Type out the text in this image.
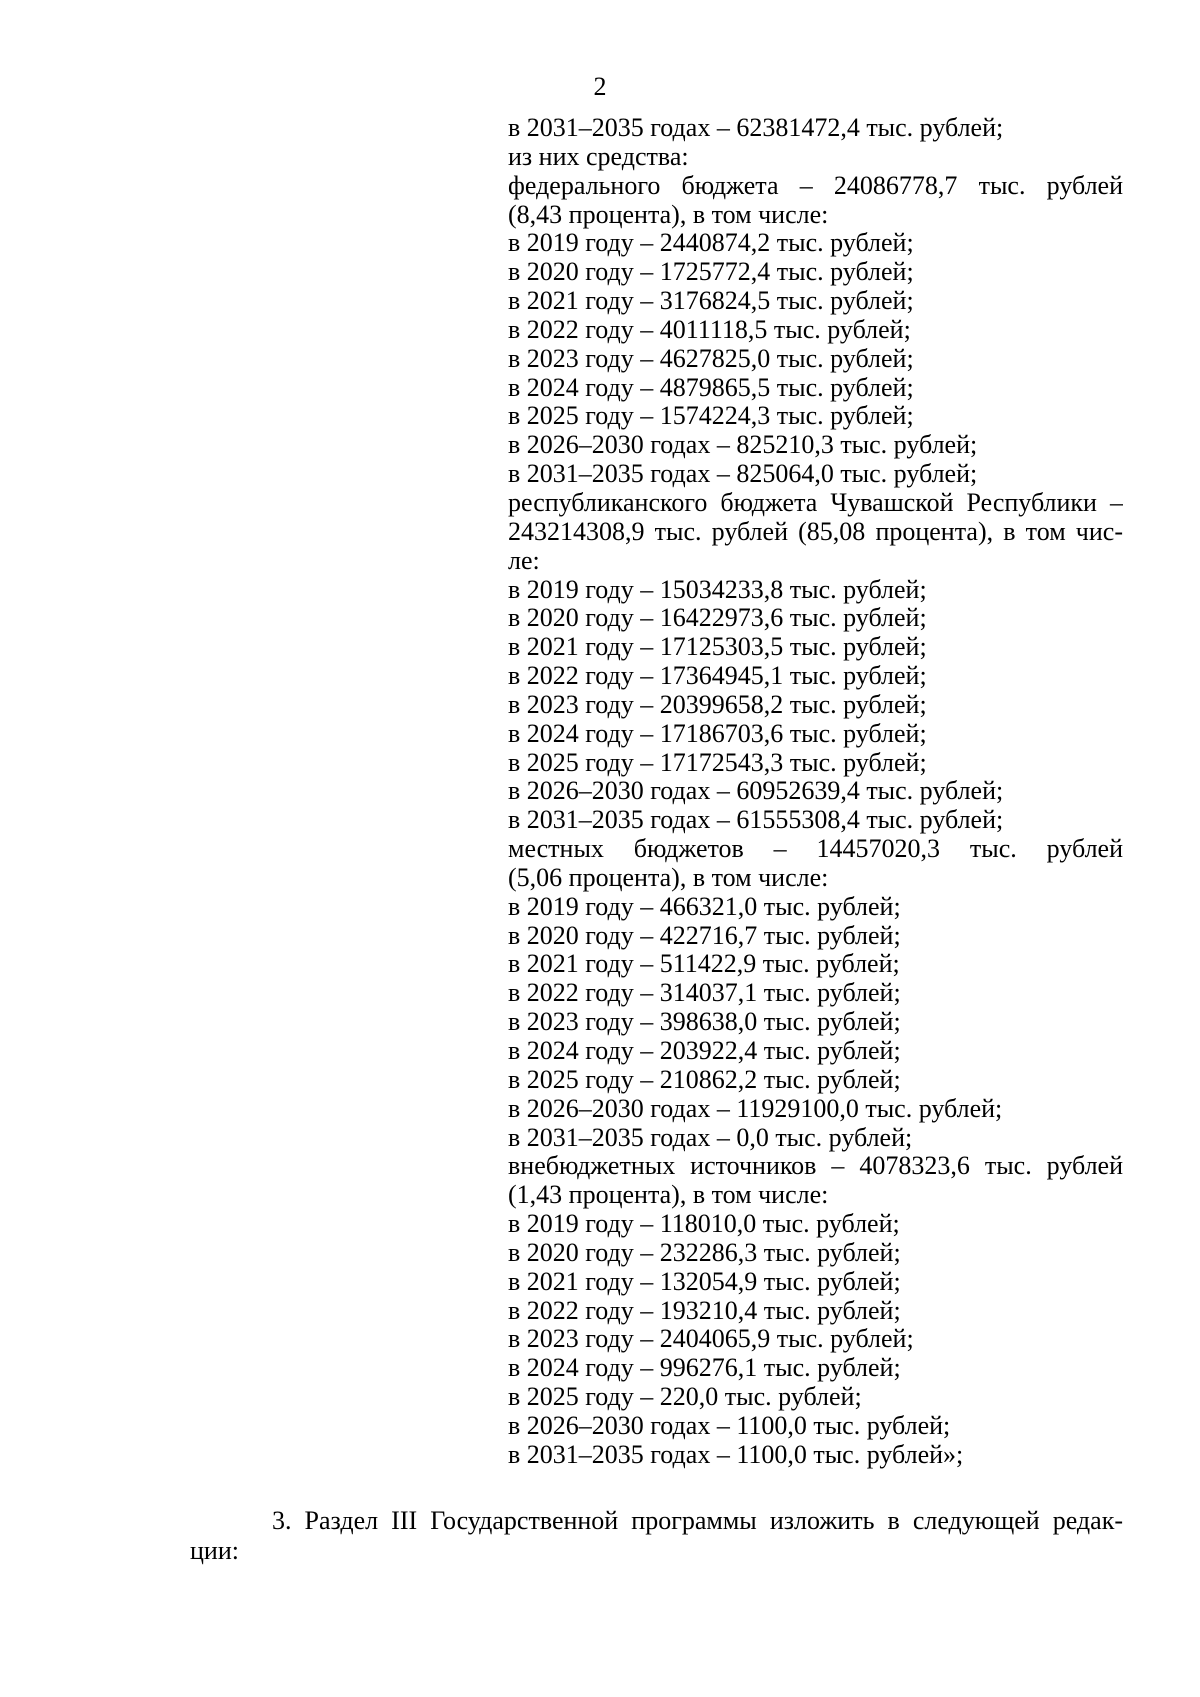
2
в 2031–2035 годах – 62381472,4 тыс. рублей;
из них средства:
федерального бюджета – 24086778,7 тыс. рублей
(8,43 процента), в том числе:
в 2019 году – 2440874,2 тыс. рублей;
в 2020 году – 1725772,4 тыс. рублей;
в 2021 году – 3176824,5 тыс. рублей;
в 2022 году – 4011118,5 тыс. рублей;
в 2023 году – 4627825,0 тыс. рублей;
в 2024 году – 4879865,5 тыс. рублей;
в 2025 году – 1574224,3 тыс. рублей;
в 2026–2030 годах – 825210,3 тыс. рублей;
в 2031–2035 годах – 825064,0 тыс. рублей;
республиканского бюджета Чувашской Республики –
243214308,9 тыс. рублей (85,08 процента), в том чис-
ле:
в 2019 году – 15034233,8 тыс. рублей;
в 2020 году – 16422973,6 тыс. рублей;
в 2021 году – 17125303,5 тыс. рублей;
в 2022 году – 17364945,1 тыс. рублей;
в 2023 году – 20399658,2 тыс. рублей;
в 2024 году – 17186703,6 тыс. рублей;
в 2025 году – 17172543,3 тыс. рублей;
в 2026–2030 годах – 60952639,4 тыс. рублей;
в 2031–2035 годах – 61555308,4 тыс. рублей;
местных бюджетов – 14457020,3 тыс. рублей
(5,06 процента), в том числе:
в 2019 году – 466321,0 тыс. рублей;
в 2020 году – 422716,7 тыс. рублей;
в 2021 году – 511422,9 тыс. рублей;
в 2022 году – 314037,1 тыс. рублей;
в 2023 году – 398638,0 тыс. рублей;
в 2024 году – 203922,4 тыс. рублей;
в 2025 году – 210862,2 тыс. рублей;
в 2026–2030 годах – 11929100,0 тыс. рублей;
в 2031–2035 годах – 0,0 тыс. рублей;
внебюджетных источников – 4078323,6 тыс. рублей
(1,43 процента), в том числе:
в 2019 году – 118010,0 тыс. рублей;
в 2020 году – 232286,3 тыс. рублей;
в 2021 году – 132054,9 тыс. рублей;
в 2022 году – 193210,4 тыс. рублей;
в 2023 году – 2404065,9 тыс. рублей;
в 2024 году – 996276,1 тыс. рублей;
в 2025 году – 220,0 тыс. рублей;
в 2026–2030 годах – 1100,0 тыс. рублей;
в 2031–2035 годах – 1100,0 тыс. рублей»;
3. Раздел III Государственной программы изложить в следующей редак-
ции:
